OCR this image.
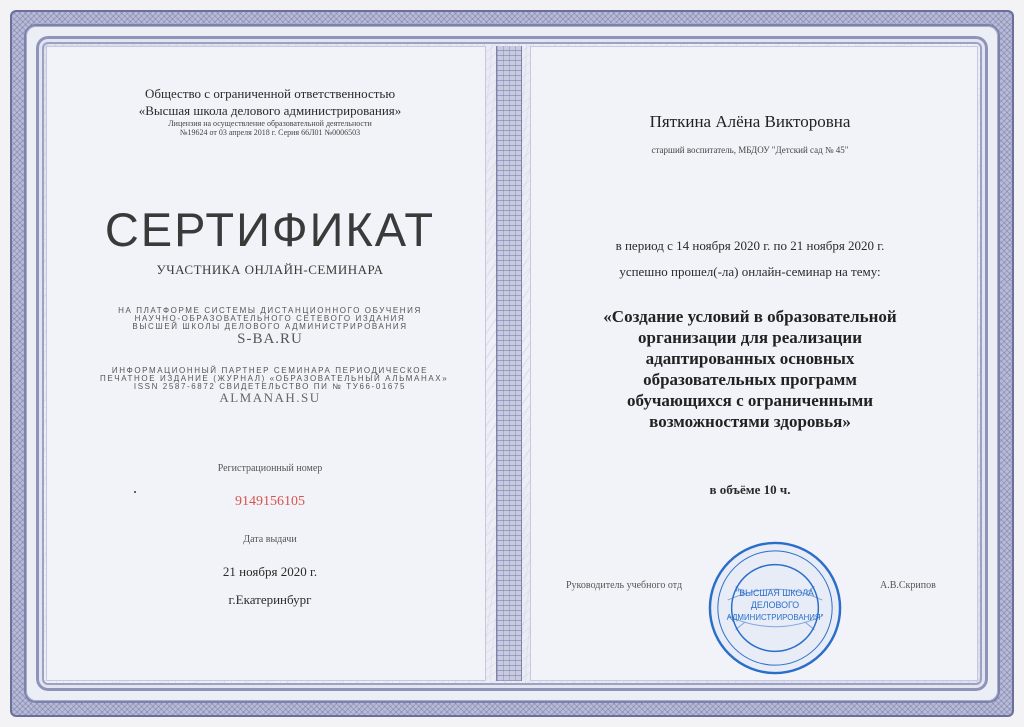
Общество с ограниченной ответственностью
«Высшая школа делового администрирования»
Лицензия на осуществление образовательной деятельности
№19624 от 03 апреля 2018 г. Серия 66Л01 №0006503
СЕРТИФИКАТ
УЧАСТНИКА ОНЛАЙН-СЕМИНАРА
НА ПЛАТФОРМЕ СИСТЕМЫ ДИСТАНЦИОННОГО ОБУЧЕНИЯ
НАУЧНО-ОБРАЗОВАТЕЛЬНОГО СЕТЕВОГО ИЗДАНИЯ
ВЫСШЕЙ ШКОЛЫ ДЕЛОВОГО АДМИНИСТРИРОВАНИЯ
S-BA.RU
ИНФОРМАЦИОННЫЙ ПАРТНЕР СЕМИНАРА ПЕРИОДИЧЕСКОЕ
ПЕЧАТНОЕ ИЗДАНИЕ (ЖУРНАЛ) «ОБРАЗОВАТЕЛЬНЫЙ АЛЬМАНАХ»
ISSN 2587-6872 СВИДЕТЕЛЬСТВО ПИ № ТУ66-01675
ALMANAH.SU
Регистрационный номер
9149156105
Дата выдачи
21 ноября 2020 г.
г.Екатеринбург
Пяткина Алёна Викторовна
старший воспитатель, МБДОУ "Детский сад № 45"
в период с 14 ноября 2020 г. по 21 ноября 2020 г.
успешно прошел(-ла) онлайн-семинар на тему:
«Создание условий в образовательной
организации для реализации
адаптированных основных
образовательных программ
обучающихся с ограниченными
возможностями здоровья»
в объёме 10 ч.
Руководитель учебного отд	А.В.Скрипов
"ВЫСШАЯ ШКОЛА
ДЕЛОВОГО
АДМИНИСТРИРОВАНИЯ"
